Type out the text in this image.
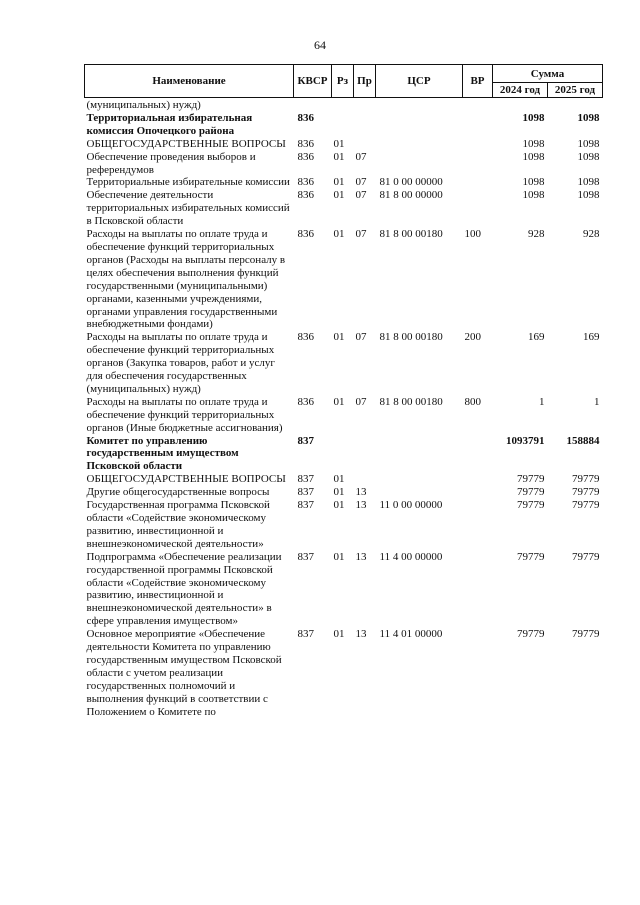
64
Наименование	КВСР	Рз	Пр	ЦСР	ВР	Сумма	
						2024 год	2025 год
(муниципальных) нужд)							
Территориальная избирательная комиссия Опочецкого района	836					1098	1098
ОБЩЕГОСУДАРСТВЕННЫЕ ВОПРОСЫ	836	01				1098	1098
Обеспечение проведения выборов и референдумов	836	01	07			1098	1098
Территориальные избирательные комиссии	836	01	07	81 0 00 00000		1098	1098
Обеспечение деятельности территориальных избирательных комиссий в Псковской области	836	01	07	81 8 00 00000		1098	1098
Расходы на выплаты по оплате труда и обеспечение функций территориальных органов (Расходы на выплаты персоналу в целях обеспечения выполнения функций государственными (муниципальными) органами, казенными учреждениями, органами управления государственными внебюджетными фондами)	836	01	07	81 8 00 00180	100	928	928
Расходы на выплаты по оплате труда и обеспечение функций территориальных органов (Закупка товаров, работ и услуг для обеспечения государственных (муниципальных) нужд)	836	01	07	81 8 00 00180	200	169	169
Расходы на выплаты по оплате труда и обеспечение функций территориальных органов (Иные бюджетные ассигнования)	836	01	07	81 8 00 00180	800	1	1
Комитет по управлению государственным имуществом Псковской области	837					1093791	158884
ОБЩЕГОСУДАРСТВЕННЫЕ ВОПРОСЫ	837	01				79779	79779
Другие общегосударственные вопросы	837	01	13			79779	79779
Государственная программа Псковской области «Содействие экономическому развитию, инвестиционной и внешнеэкономической деятельности»	837	01	13	11 0 00 00000		79779	79779
Подпрограмма «Обеспечение реализации государственной программы Псковской области «Содействие экономическому развитию, инвестиционной и внешнеэкономической деятельности» в сфере управления имуществом»	837	01	13	11 4 00 00000		79779	79779
Основное мероприятие «Обеспечение деятельности Комитета по управлению государственным имуществом Псковской области с учетом реализации государственных полномочий и выполнения функций в соответствии с Положением о Комитете по	837	01	13	11 4 01 00000		79779	79779
